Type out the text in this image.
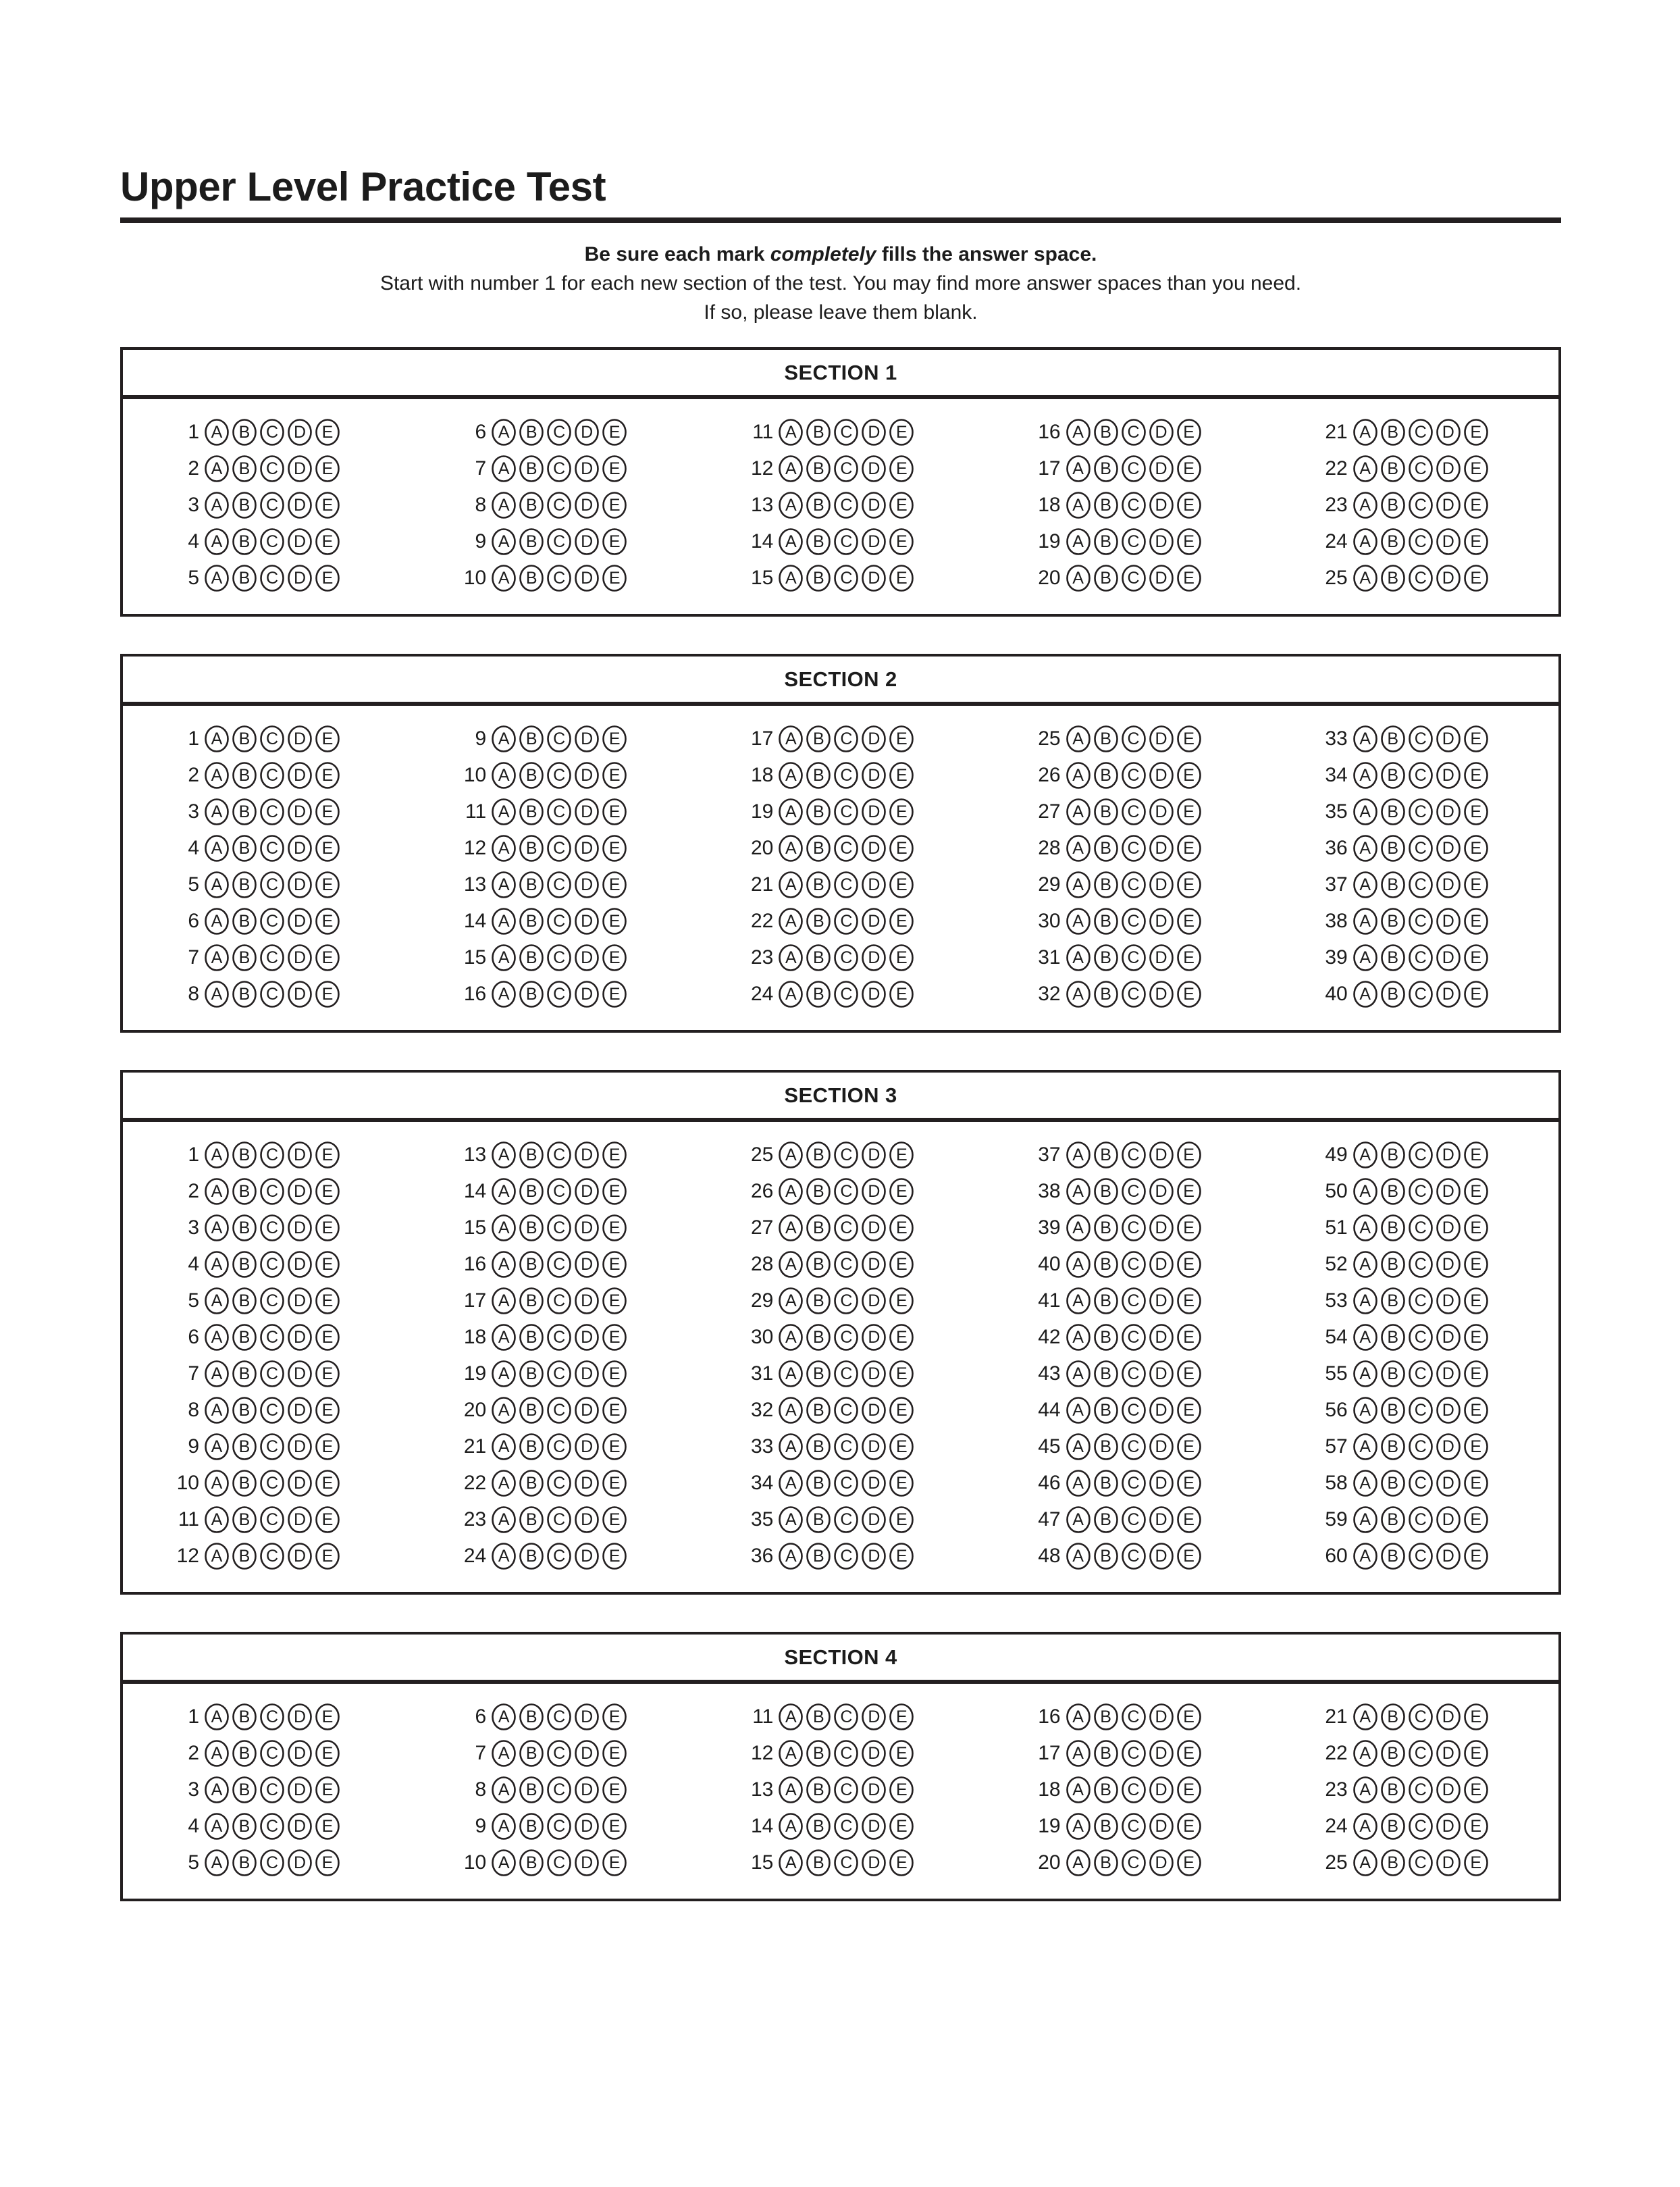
Upper Level Practice Test
Be sure each mark completely fills the answer space.
Start with number 1 for each new section of the test. You may find more answer spaces than you need.
If so, please leave them blank.
SECTION 1
1 A B C D E
2 A B C D E
3 A B C D E
4 A B C D E
5 A B C D E
6 A B C D E
7 A B C D E
8 A B C D E
9 A B C D E
10 A B C D E
11 A B C D E
12 A B C D E
13 A B C D E
14 A B C D E
15 A B C D E
16 A B C D E
17 A B C D E
18 A B C D E
19 A B C D E
20 A B C D E
21 A B C D E
22 A B C D E
23 A B C D E
24 A B C D E
25 A B C D E
SECTION 2
1 A B C D E
2 A B C D E
3 A B C D E
4 A B C D E
5 A B C D E
6 A B C D E
7 A B C D E
8 A B C D E
9 A B C D E
10 A B C D E
11 A B C D E
12 A B C D E
13 A B C D E
14 A B C D E
15 A B C D E
16 A B C D E
17 A B C D E
18 A B C D E
19 A B C D E
20 A B C D E
21 A B C D E
22 A B C D E
23 A B C D E
24 A B C D E
25 A B C D E
26 A B C D E
27 A B C D E
28 A B C D E
29 A B C D E
30 A B C D E
31 A B C D E
32 A B C D E
33 A B C D E
34 A B C D E
35 A B C D E
36 A B C D E
37 A B C D E
38 A B C D E
39 A B C D E
40 A B C D E
SECTION 3
1 A B C D E
2 A B C D E
3 A B C D E
4 A B C D E
5 A B C D E
6 A B C D E
7 A B C D E
8 A B C D E
9 A B C D E
10 A B C D E
11 A B C D E
12 A B C D E
13 A B C D E
14 A B C D E
15 A B C D E
16 A B C D E
17 A B C D E
18 A B C D E
19 A B C D E
20 A B C D E
21 A B C D E
22 A B C D E
23 A B C D E
24 A B C D E
25 A B C D E
26 A B C D E
27 A B C D E
28 A B C D E
29 A B C D E
30 A B C D E
31 A B C D E
32 A B C D E
33 A B C D E
34 A B C D E
35 A B C D E
36 A B C D E
37 A B C D E
38 A B C D E
39 A B C D E
40 A B C D E
41 A B C D E
42 A B C D E
43 A B C D E
44 A B C D E
45 A B C D E
46 A B C D E
47 A B C D E
48 A B C D E
49 A B C D E
50 A B C D E
51 A B C D E
52 A B C D E
53 A B C D E
54 A B C D E
55 A B C D E
56 A B C D E
57 A B C D E
58 A B C D E
59 A B C D E
60 A B C D E
SECTION 4
1 A B C D E
2 A B C D E
3 A B C D E
4 A B C D E
5 A B C D E
6 A B C D E
7 A B C D E
8 A B C D E
9 A B C D E
10 A B C D E
11 A B C D E
12 A B C D E
13 A B C D E
14 A B C D E
15 A B C D E
16 A B C D E
17 A B C D E
18 A B C D E
19 A B C D E
20 A B C D E
21 A B C D E
22 A B C D E
23 A B C D E
24 A B C D E
25 A B C D E
